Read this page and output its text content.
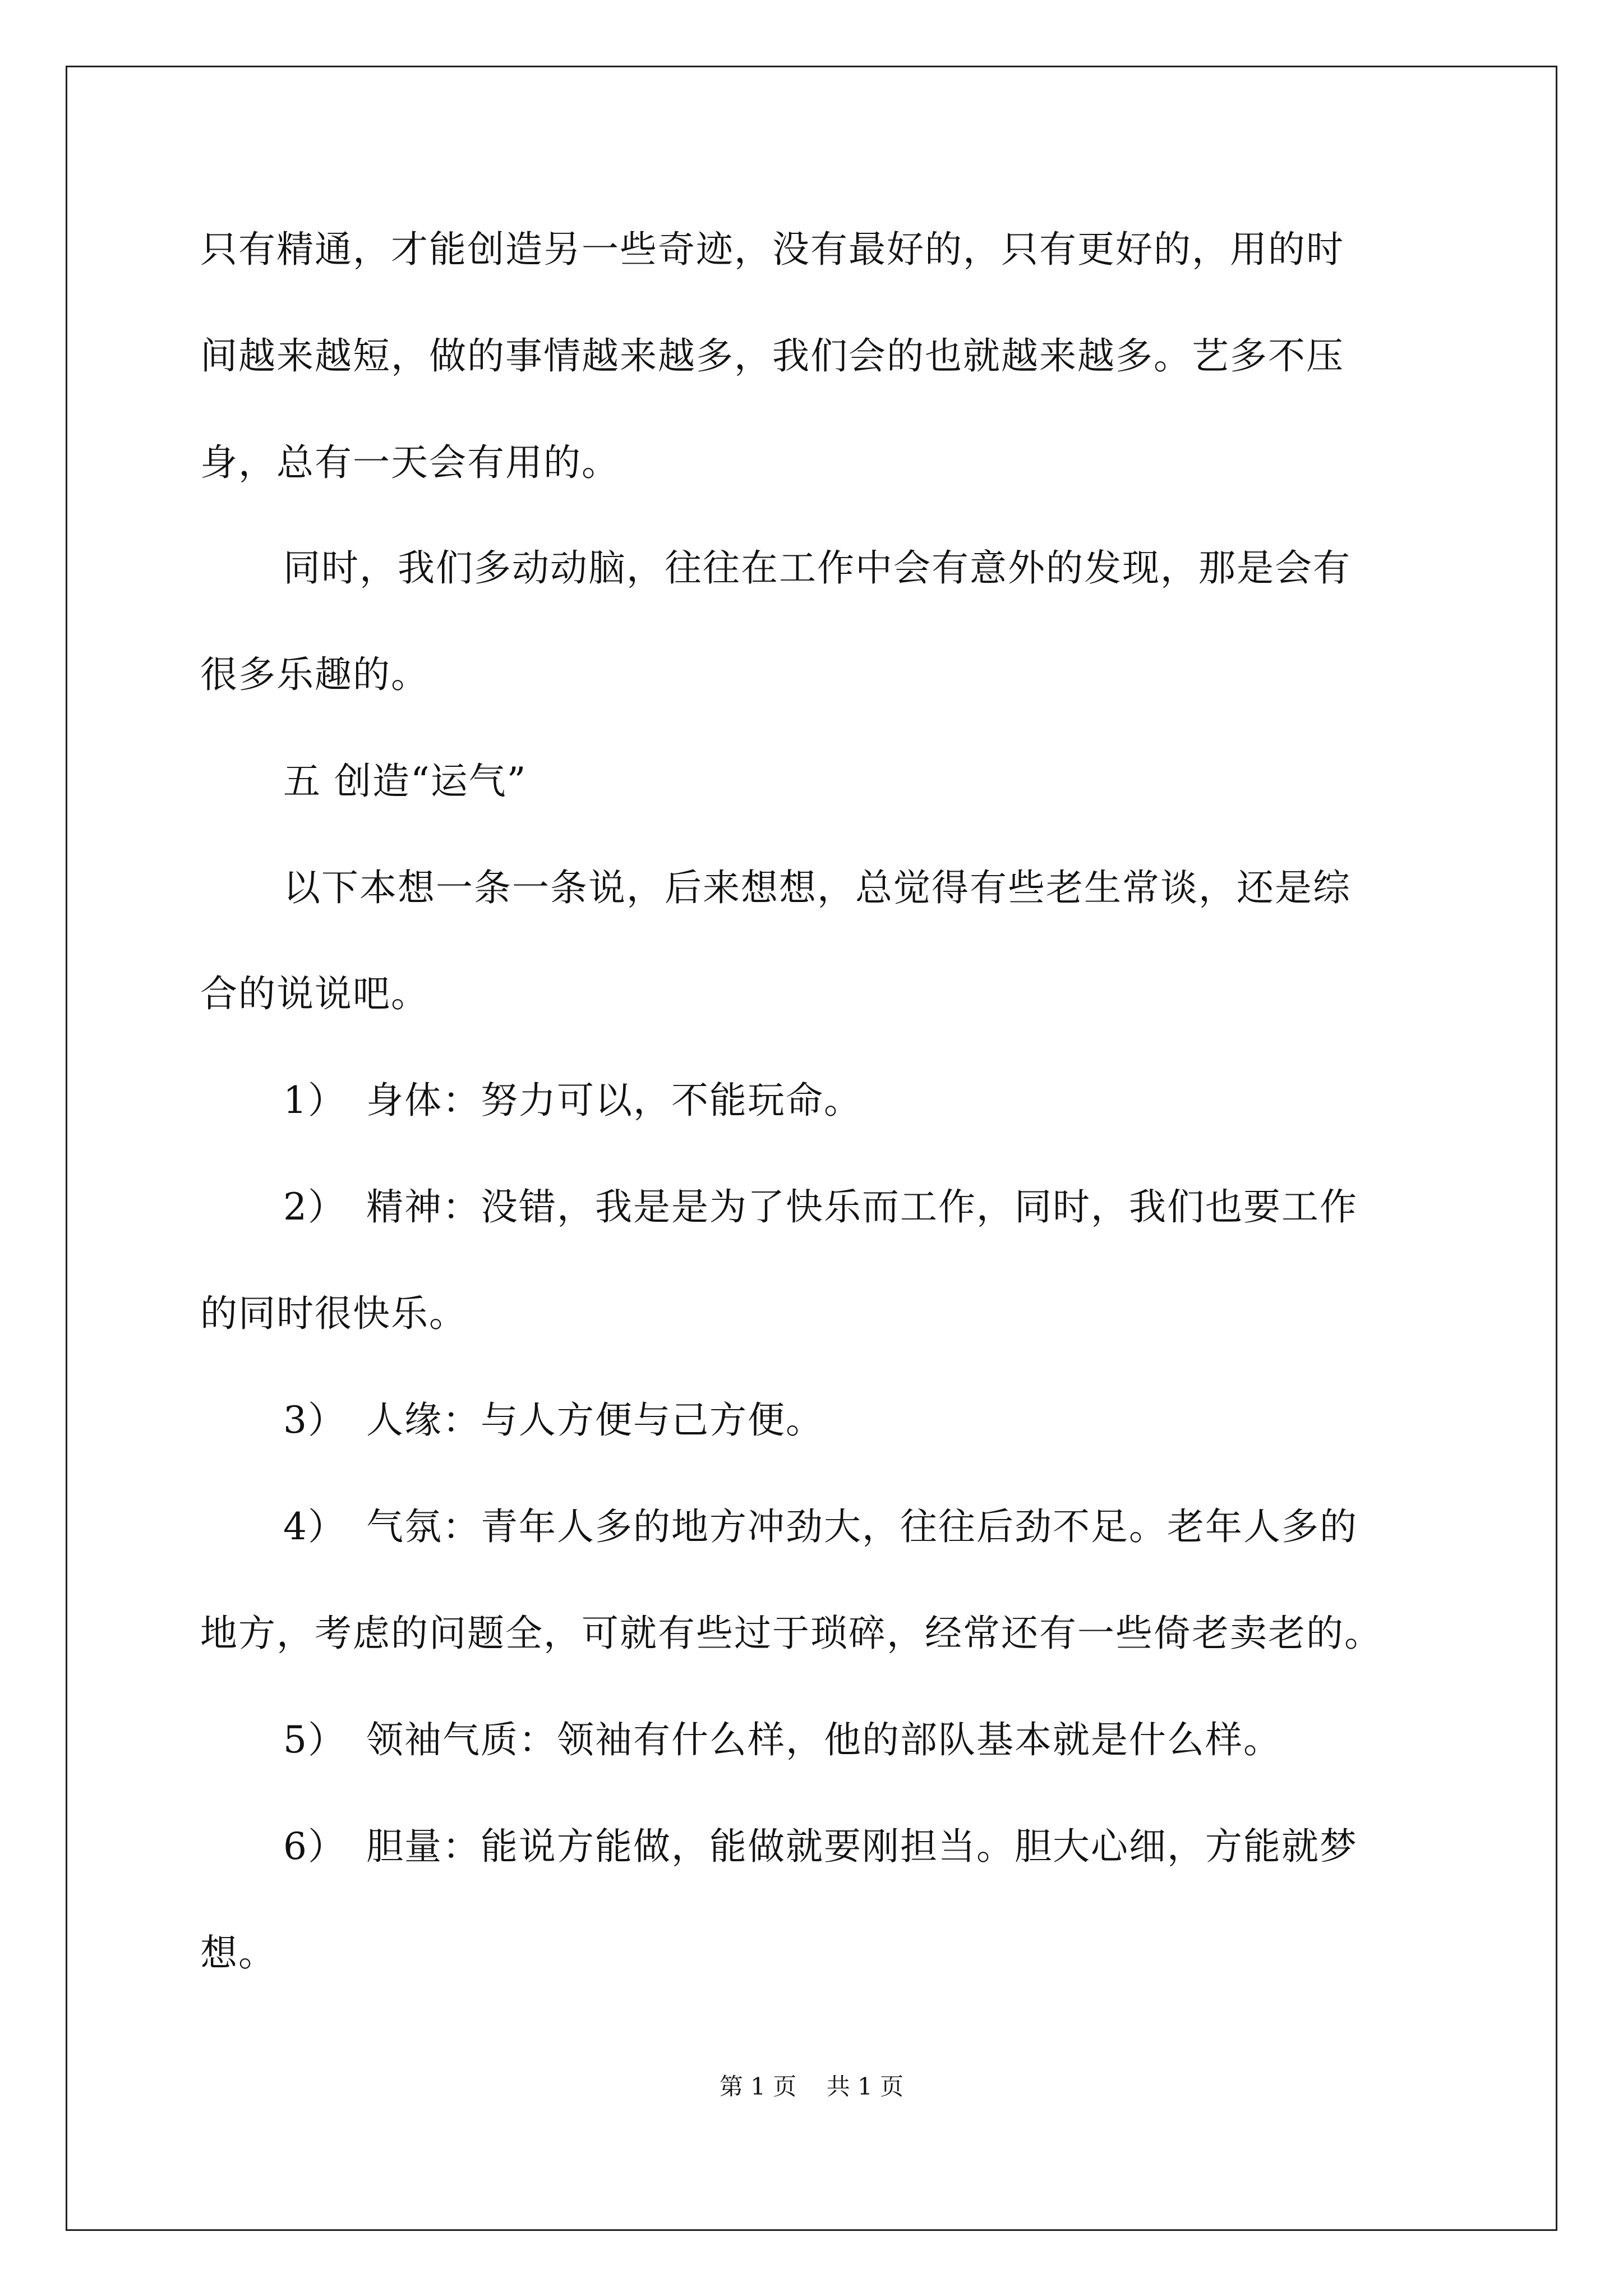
只有精通，才能创造另一些奇迹，没有最好的，只有更好的，用的时
间越来越短，做的事情越来越多，我们会的也就越来越多。艺多不压
身，总有一天会有用的。
同时，我们多动动脑，往往在工作中会有意外的发现，那是会有
很多乐趣的。
五 创造“运气”
以下本想一条一条说，后来想想，总觉得有些老生常谈，还是综
合的说说吧。
1） 身体：努力可以，不能玩命。
2） 精神：没错，我是是为了快乐而工作，同时，我们也要工作
的同时很快乐。
3） 人缘：与人方便与己方便。
4） 气氛：青年人多的地方冲劲大，往往后劲不足。老年人多的
地方，考虑的问题全，可就有些过于琐碎，经常还有一些倚老卖老的。
5） 领袖气质：领袖有什么样，他的部队基本就是什么样。
6） 胆量：能说方能做，能做就要刚担当。胆大心细，方能就梦
想。
第 1 页    共 1 页
